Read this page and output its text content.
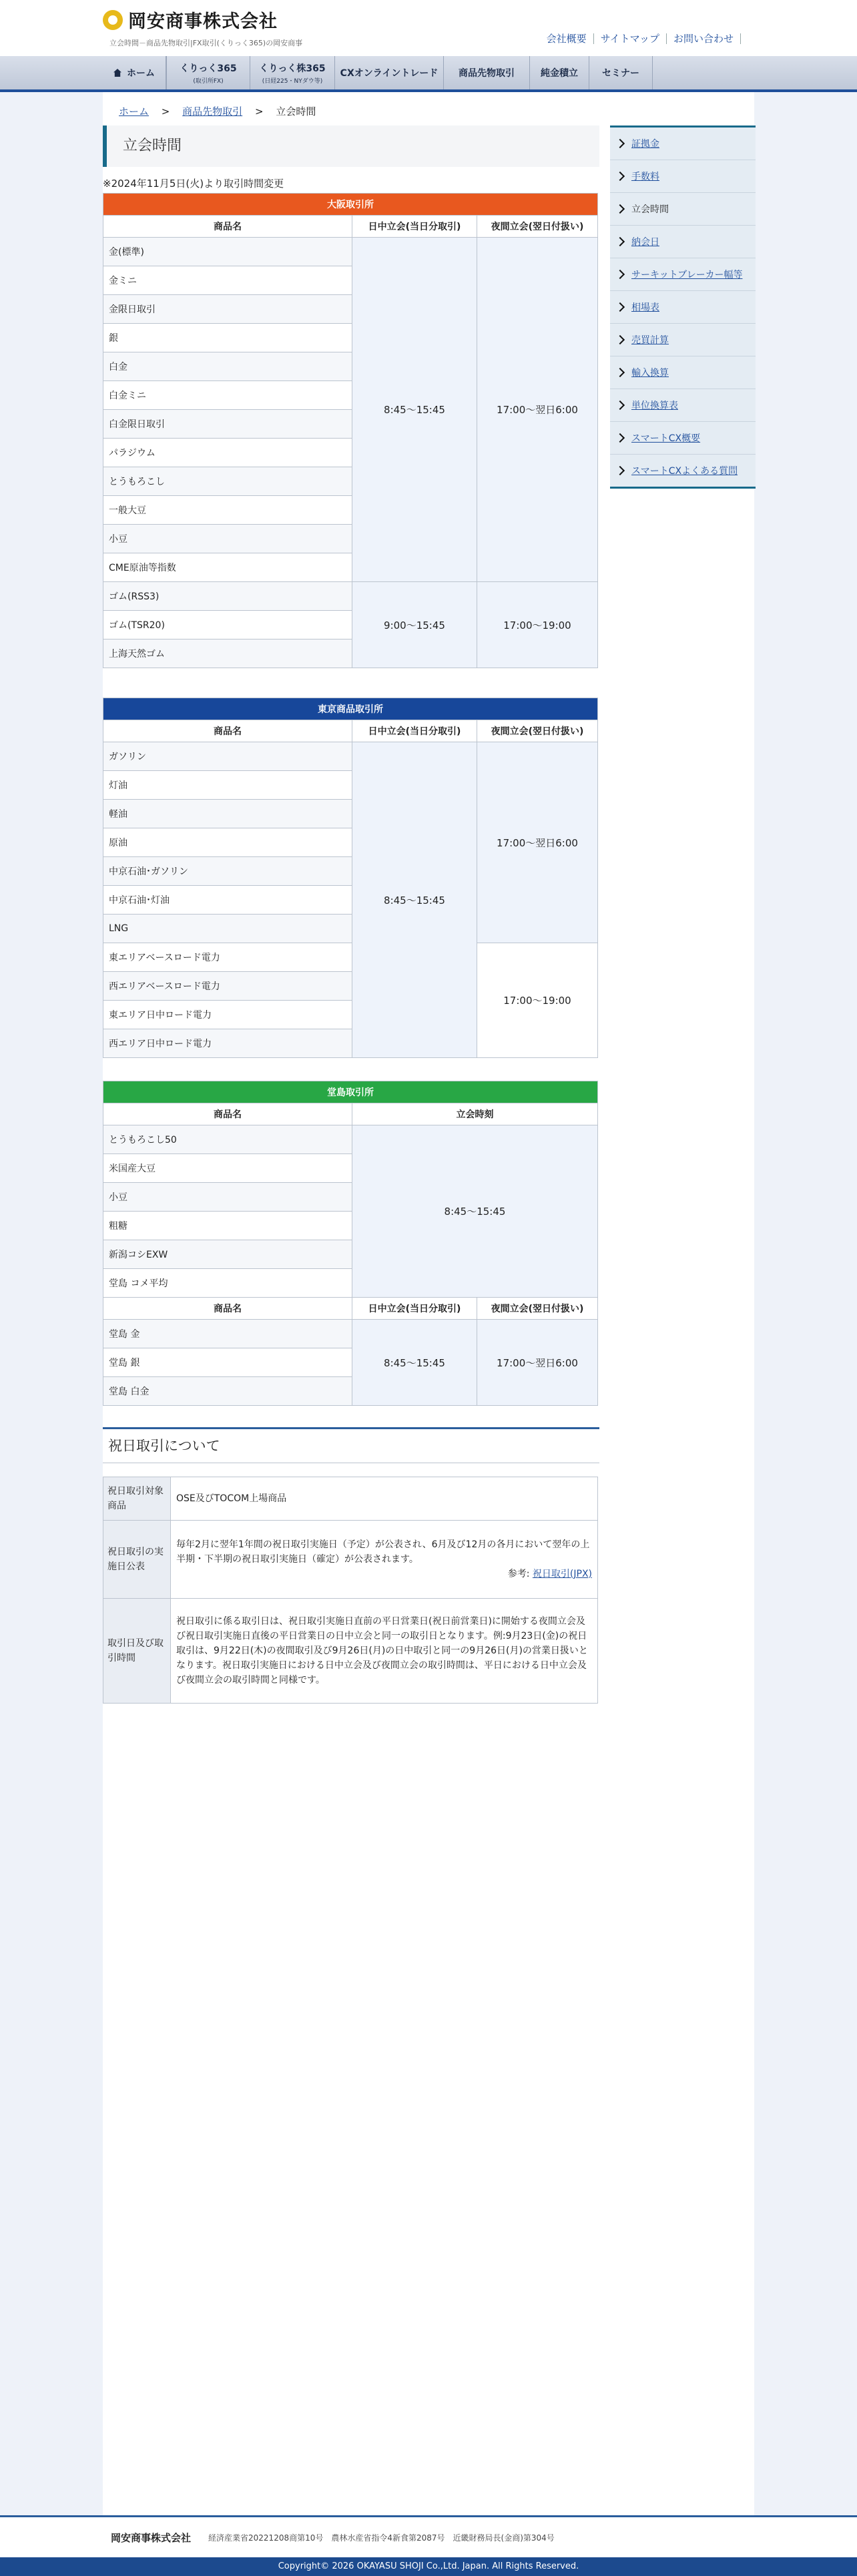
岡安商事株式会社
立会時間－商品先物取引|FX取引(くりっく365)の岡安商事	会社概要	サイトマップ	お問い合わせ
ホーム	くりっく365
(取引所FX)
くりっく株365
(日経225・NYダウ等)
CXオンライントレード 商品先物取引	純金積立	セミナー
ホーム > 商品先物取引 > 立会時間
立会時間
※2024年11月5日(火)より取引時間変更
大阪取引所		
商品名	日中立会(当日分取引)	夜間立会(翌日付扱い)
金(標準)	8:45〜15:45	17:00〜翌日6:00
金ミニ		
金限日取引		
銀		
白金		
白金ミニ		
白金限日取引		
パラジウム		
とうもろこし		
一般大豆		
小豆		
CME原油等指数		
ゴム(RSS3)	9:00〜15:45	17:00〜19:00
ゴム(TSR20)		
上海天然ゴム		
東京商品取引所		
商品名	日中立会(当日分取引)	夜間立会(翌日付扱い)
ガソリン	8:45〜15:45	17:00〜翌日6:00
灯油		
軽油		
原油		
中京石油･ガソリン		
中京石油･灯油		
LNG		
東エリアベースロード電力		17:00〜19:00
西エリアベースロード電力		
東エリア日中ロード電力		
西エリア日中ロード電力		
堂島取引所		
商品名	立会時刻	
とうもろこし50	8:45〜15:45	
米国産大豆		
小豆		
粗糖		
新潟コシEXW		
堂島 コメ平均		
商品名	日中立会(当日分取引)	夜間立会(翌日付扱い)
堂島 金	8:45〜15:45	17:00〜翌日6:00
堂島 銀		
堂島 白金		
祝日取引について
祝日取引対象商品	OSE及びTOCOM上場商品
祝日取引の実施日公表	毎年2月に翌年1年間の祝日取引実施日（予定）が公表され、6月及び12月の各月において翌年の上半期・下半期の祝日取引実施日（確定）が公表されます。
参考: 祝日取引(JPX)

取引日及び取引時間	祝日取引に係る取引日は、祝日取引実施日直前の平日営業日(祝日前営業日)に開始する夜間立会及び祝日取引実施日直後の平日営業日の日中立会と同一の取引日となります。例:9月23日(金)の祝日取引は、9月22日(木)の夜間取引及び9月26日(月)の日中取引と同一の9月26日(月)の営業日扱いとなります。祝日取引実施日における日中立会及び夜間立会の取引時間は、平日における日中立会及び夜間立会の取引時間と同様です。
証拠金
手数料
立会時間
納会日
サーキットブレーカー幅等
相場表
売買計算
輸入換算
単位換算表
スマートCX概要
スマートCXよくある質問
岡安商事株式会社 経済産業省20221208商第10号　農林水産省指令4新食第2087号　近畿財務局長(金商)第304号
Copyright© 2026 OKAYASU SHOJI Co.,Ltd. Japan. All Rights Reserved.
